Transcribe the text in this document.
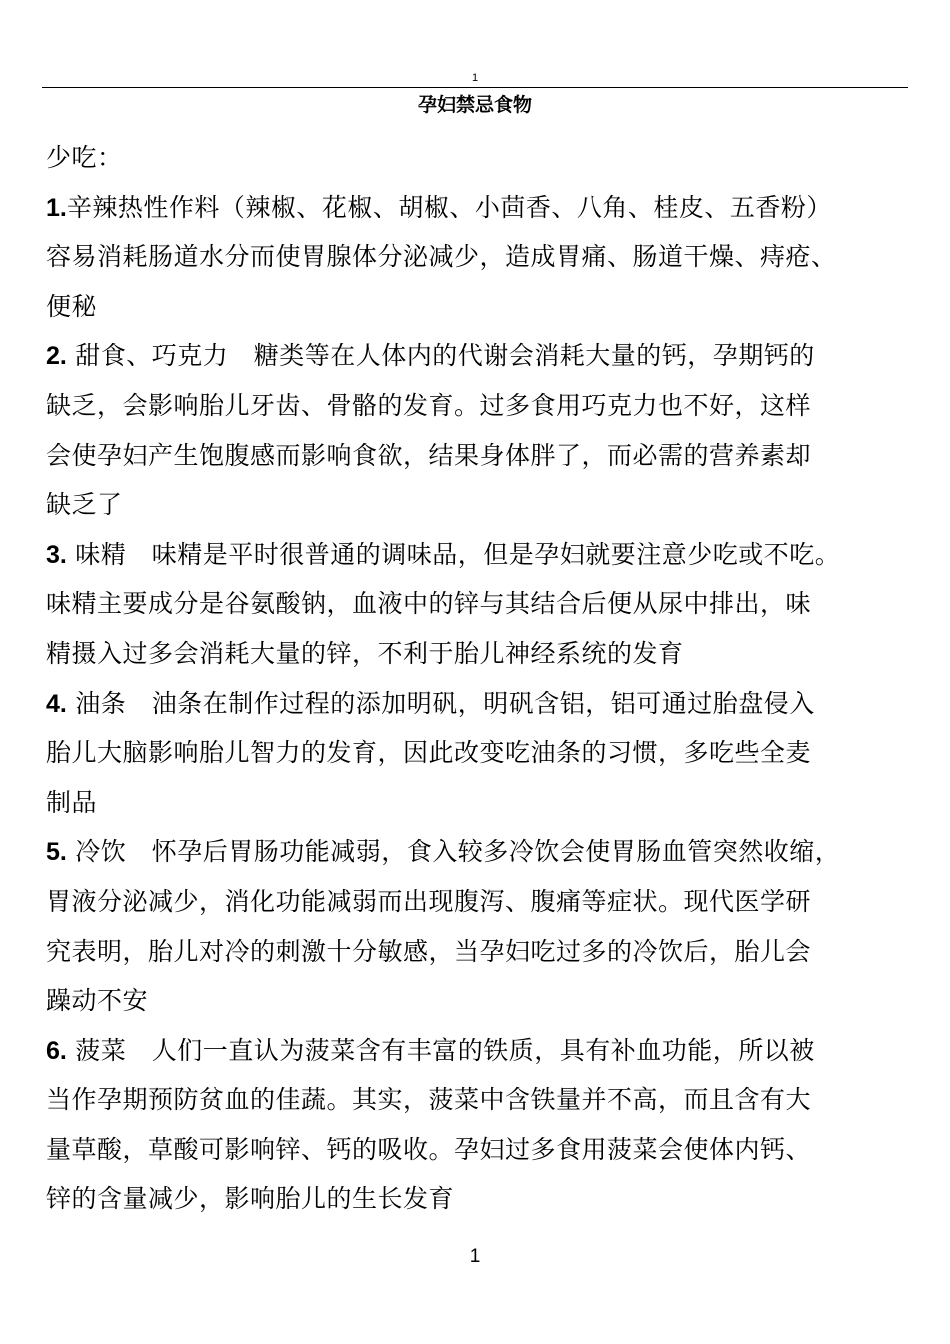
1
孕妇禁忌食物
少吃：
1.辛辣热性作料（辣椒、花椒、胡椒、小茴香、八角、桂皮、五香粉）
容易消耗肠道水分而使胃腺体分泌减少，造成胃痛、肠道干燥、痔疮、
便秘
2. 甜食、巧克力　糖类等在人体内的代谢会消耗大量的钙，孕期钙的
缺乏，会影响胎儿牙齿、骨骼的发育。过多食用巧克力也不好，这样
会使孕妇产生饱腹感而影响食欲，结果身体胖了，而必需的营养素却
缺乏了
3. 味精　味精是平时很普通的调味品，但是孕妇就要注意少吃或不吃。
味精主要成分是谷氨酸钠，血液中的锌与其结合后便从尿中排出，味
精摄入过多会消耗大量的锌，不利于胎儿神经系统的发育
4. 油条　油条在制作过程的添加明矾，明矾含铝，铝可通过胎盘侵入
胎儿大脑影响胎儿智力的发育，因此改变吃油条的习惯，多吃些全麦
制品
5. 冷饮　怀孕后胃肠功能减弱，食入较多冷饮会使胃肠血管突然收缩，
胃液分泌减少，消化功能减弱而出现腹泻、腹痛等症状。现代医学研
究表明，胎儿对冷的刺激十分敏感，当孕妇吃过多的冷饮后，胎儿会
躁动不安
6. 菠菜　人们一直认为菠菜含有丰富的铁质，具有补血功能，所以被
当作孕期预防贫血的佳蔬。其实，菠菜中含铁量并不高，而且含有大
量草酸，草酸可影响锌、钙的吸收。孕妇过多食用菠菜会使体内钙、
锌的含量减少，影响胎儿的生长发育
1
